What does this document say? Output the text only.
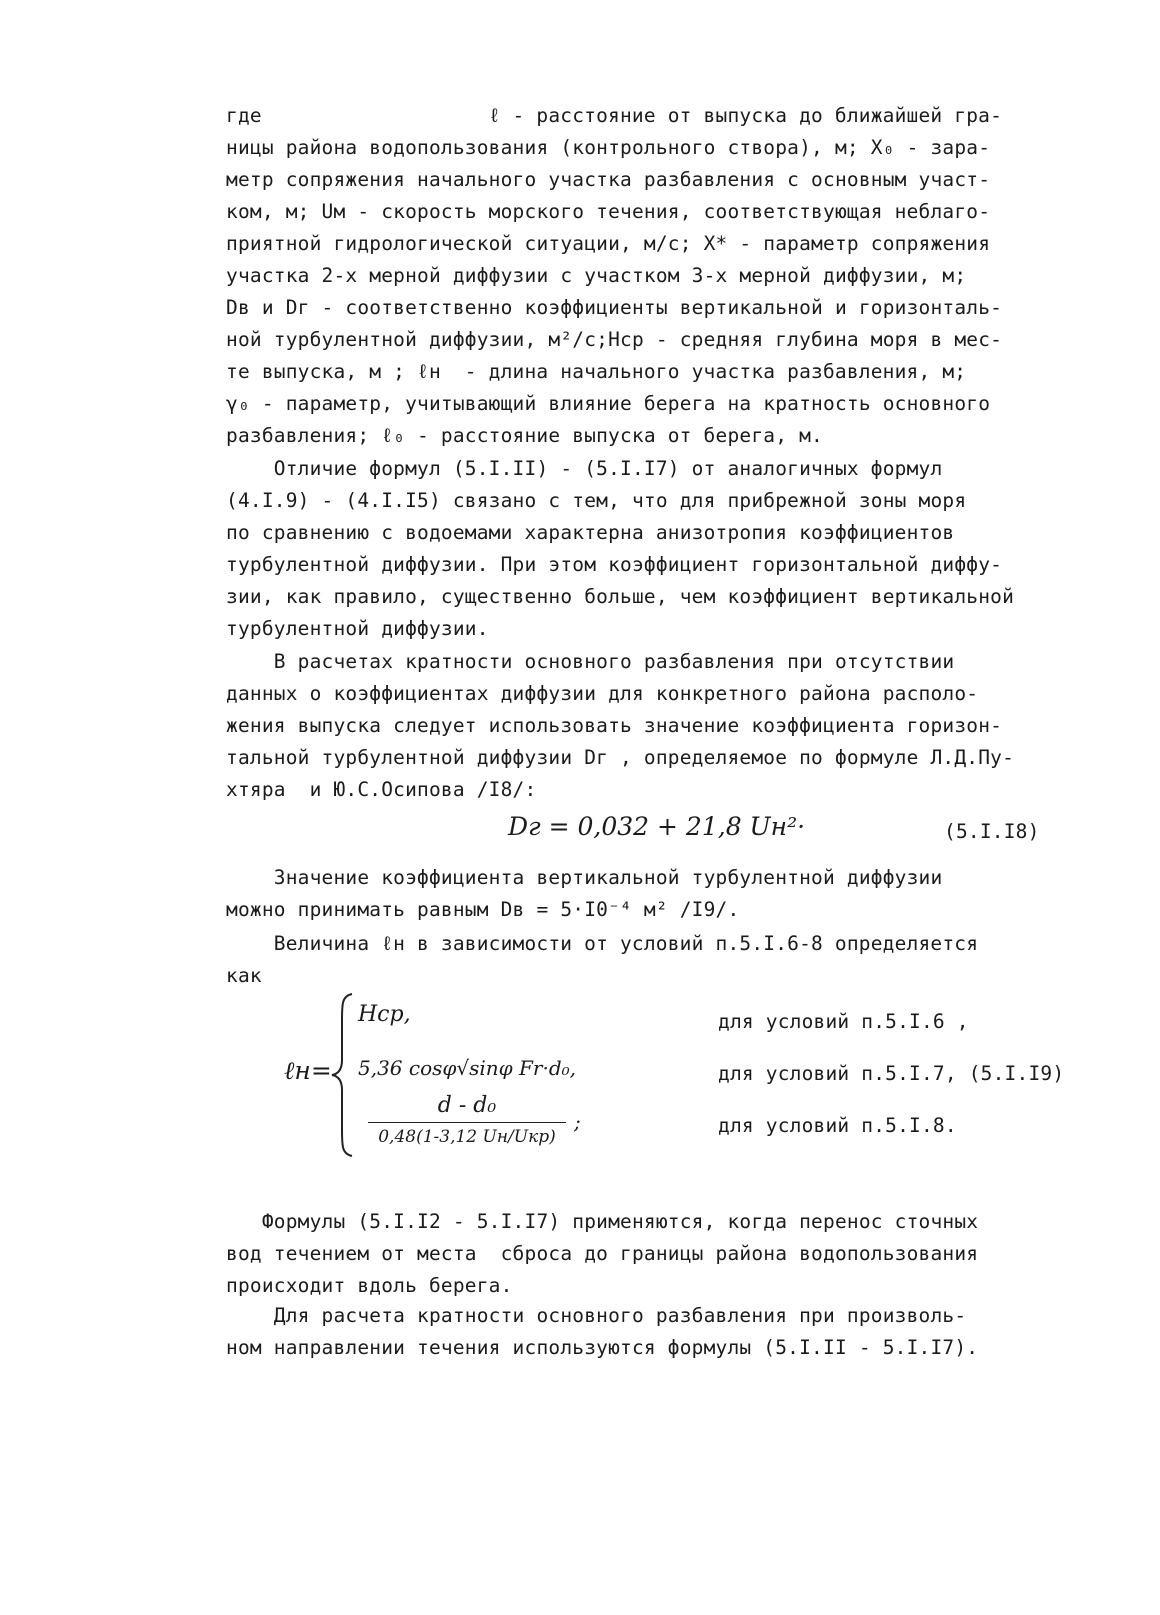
где                   ℓ - расстояние от выпуска до ближайшей гра-
ницы района водопользования (контрольного створа), м; X₀ - зара-
метр сопряжения начального участка разбавления с основным участ-
ком, м; Uм - скорость морского течения, соответствующая неблаго-
приятной гидрологической ситуации, м/с; X* - параметр сопряжения
участка 2-х мерной диффузии с участком 3-х мерной диффузии, м;
Dв и Dг - соответственно коэффициенты вертикальной и горизонталь-
ной турбулентной диффузии, м²/с;Hср - средняя глубина моря в мес-
те выпуска, м ; ℓн  - длина начального участка разбавления, м;
γ₀ - параметр, учитывающий влияние берега на кратность основного
разбавления; ℓ₀ - расстояние выпуска от берега, м.
Отличие формул (5.I.II) - (5.I.I7) от аналогичных формул
(4.I.9) - (4.I.I5) связано с тем, что для прибрежной зоны моря
по сравнению с водоемами характерна анизотропия коэффициентов
турбулентной диффузии. При этом коэффициент горизонтальной диффу-
зии, как правило, существенно больше, чем коэффициент вертикальной
турбулентной диффузии.
В расчетах кратности основного разбавления при отсутствии
данных о коэффициентах диффузии для конкретного района располо-
жения выпуска следует использовать значение коэффициента горизон-
тальной турбулентной диффузии Dг , определяемое по формуле Л.Д.Пу-
хтяра  и Ю.С.Осипова /I8/:
Dг = 0,032 + 21,8 Uн²·	(5.I.I8)
Значение коэффициента вертикальной турбулентной диффузии
можно принимать равным Dв = 5·I0⁻⁴ м² /I9/.
Величина ℓн в зависимости от условий п.5.I.6-8 определяется
как
ℓн=
Hср,
5,36 cosφ√sinφ Fr·d₀,
d - d₀
0,48(1-3,12 Uн/Uкр)
;
для условий п.5.I.6 ,
для условий п.5.I.7, (5.I.I9)
для условий п.5.I.8.
Формулы (5.I.I2 - 5.I.I7) применяются, когда перенос сточных
вод течением от места  сброса до границы района водопользования
происходит вдоль берега.
Для расчета кратности основного разбавления при произволь-
ном направлении течения используются формулы (5.I.II - 5.I.I7).
